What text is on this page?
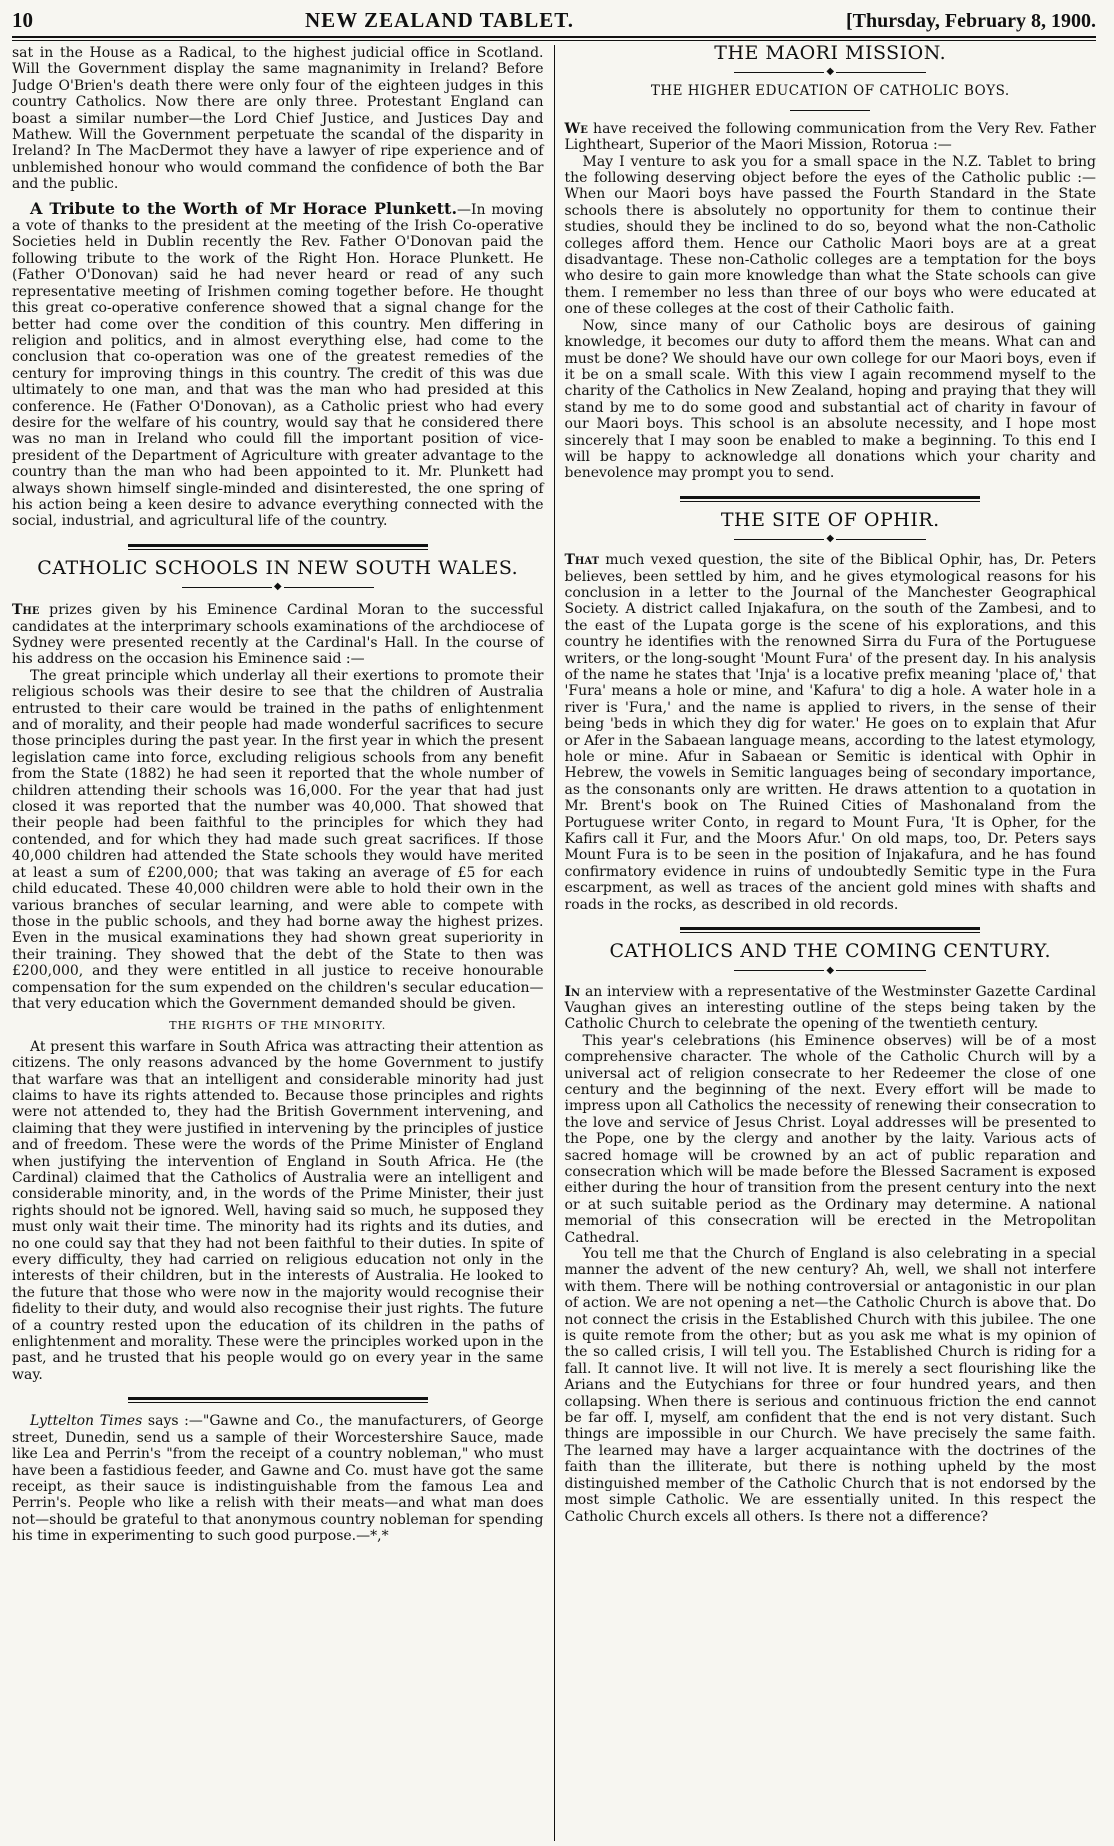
10	NEW ZEALAND TABLET.	[Thursday, February 8, 1900.

sat in the House as a Radical, to the highest judicial office in Scotland. Will the Government display the same magnanimity in Ireland? Before Judge O'Brien's death there were only four of the eighteen judges in this country Catholics. Now there are only three. Protestant England can boast a similar number—the Lord Chief Justice, and Justices Day and Mathew. Will the Government perpetuate the scandal of the disparity in Ireland? In The MacDermot they have a lawyer of ripe experience and of unblemished honour who would command the confidence of both the Bar and the public.

A Tribute to the Worth of Mr Horace Plunkett.—In moving a vote of thanks to the president at the meeting of the Irish Co-operative Societies held in Dublin recently the Rev. Father O'Donovan paid the following tribute to the work of the Right Hon. Horace Plunkett. He (Father O'Donovan) said he had never heard or read of any such representative meeting of Irishmen coming together before. He thought this great co-operative conference showed that a signal change for the better had come over the condition of this country. Men differing in religion and politics, and in almost everything else, had come to the conclusion that co-operation was one of the greatest remedies of the century for improving things in this country. The credit of this was due ultimately to one man, and that was the man who had presided at this conference. He (Father O'Donovan), as a Catholic priest who had every desire for the welfare of his country, would say that he considered there was no man in Ireland who could fill the important position of vice-president of the Department of Agriculture with greater advantage to the country than the man who had been appointed to it. Mr. Plunkett had always shown himself single-minded and disinterested, the one spring of his action being a keen desire to advance everything connected with the social, industrial, and agricultural life of the country.

CATHOLIC SCHOOLS IN NEW SOUTH WALES.
◆

The prizes given by his Eminence Cardinal Moran to the successful candidates at the interprimary schools examinations of the archdiocese of Sydney were presented recently at the Cardinal's Hall. In the course of his address on the occasion his Eminence said :—

The great principle which underlay all their exertions to promote their religious schools was their desire to see that the children of Australia entrusted to their care would be trained in the paths of enlightenment and of morality, and their people had made wonderful sacrifices to secure those principles during the past year. In the first year in which the present legislation came into force, excluding religious schools from any benefit from the State (1882) he had seen it reported that the whole number of children attending their schools was 16,000. For the year that had just closed it was reported that the number was 40,000. That showed that their people had been faithful to the principles for which they had contended, and for which they had made such great sacrifices. If those 40,000 children had attended the State schools they would have merited at least a sum of £200,000; that was taking an average of £5 for each child educated. These 40,000 children were able to hold their own in the various branches of secular learning, and were able to compete with those in the public schools, and they had borne away the highest prizes. Even in the musical examinations they had shown great superiority in their training. They showed that the debt of the State to then was £200,000, and they were entitled in all justice to receive honourable compensation for the sum expended on the children's secular education—that very education which the Government demanded should be given.

THE RIGHTS OF THE MINORITY.

At present this warfare in South Africa was attracting their attention as citizens. The only reasons advanced by the home Government to justify that warfare was that an intelligent and considerable minority had just claims to have its rights attended to. Because those principles and rights were not attended to, they had the British Government intervening, and claiming that they were justified in intervening by the principles of justice and of freedom. These were the words of the Prime Minister of England when justifying the intervention of England in South Africa. He (the Cardinal) claimed that the Catholics of Australia were an intelligent and considerable minority, and, in the words of the Prime Minister, their just rights should not be ignored. Well, having said so much, he supposed they must only wait their time. The minority had its rights and its duties, and no one could say that they had not been faithful to their duties. In spite of every difficulty, they had carried on religious education not only in the interests of their children, but in the interests of Australia. He looked to the future that those who were now in the majority would recognise their fidelity to their duty, and would also recognise their just rights. The future of a country rested upon the education of its children in the paths of enlightenment and morality. These were the principles worked upon in the past, and he trusted that his people would go on every year in the same way.

Lyttelton Times says :—"Gawne and Co., the manufacturers, of George street, Dunedin, send us a sample of their Worcestershire Sauce, made like Lea and Perrin's "from the receipt of a country nobleman," who must have been a fastidious feeder, and Gawne and Co. must have got the same receipt, as their sauce is indistinguishable from the famous Lea and Perrin's. People who like a relish with their meats—and what man does not—should be grateful to that anonymous country nobleman for spending his time in experimenting to such good purpose.—*,*

THE MAORI MISSION.
◆
THE HIGHER EDUCATION OF CATHOLIC BOYS.

We have received the following communication from the Very Rev. Father Lightheart, Superior of the Maori Mission, Rotorua :—

May I venture to ask you for a small space in the N.Z. Tablet to bring the following deserving object before the eyes of the Catholic public :—When our Maori boys have passed the Fourth Standard in the State schools there is absolutely no opportunity for them to continue their studies, should they be inclined to do so, beyond what the non-Catholic colleges afford them. Hence our Catholic Maori boys are at a great disadvantage. These non-Catholic colleges are a temptation for the boys who desire to gain more knowledge than what the State schools can give them. I remember no less than three of our boys who were educated at one of these colleges at the cost of their Catholic faith.

Now, since many of our Catholic boys are desirous of gaining knowledge, it becomes our duty to afford them the means. What can and must be done? We should have our own college for our Maori boys, even if it be on a small scale. With this view I again recommend myself to the charity of the Catholics in New Zealand, hoping and praying that they will stand by me to do some good and substantial act of charity in favour of our Maori boys. This school is an absolute necessity, and I hope most sincerely that I may soon be enabled to make a beginning. To this end I will be happy to acknowledge all donations which your charity and benevolence may prompt you to send.

THE SITE OF OPHIR.
◆

That much vexed question, the site of the Biblical Ophir, has, Dr. Peters believes, been settled by him, and he gives etymological reasons for his conclusion in a letter to the Journal of the Manchester Geographical Society. A district called Injakafura, on the south of the Zambesi, and to the east of the Lupata gorge is the scene of his explorations, and this country he identifies with the renowned Sirra du Fura of the Portuguese writers, or the long-sought 'Mount Fura' of the present day. In his analysis of the name he states that 'Inja' is a locative prefix meaning 'place of,' that 'Fura' means a hole or mine, and 'Kafura' to dig a hole. A water hole in a river is 'Fura,' and the name is applied to rivers, in the sense of their being 'beds in which they dig for water.' He goes on to explain that Afur or Afer in the Sabaean language means, according to the latest etymology, hole or mine. Afur in Sabaean or Semitic is identical with Ophir in Hebrew, the vowels in Semitic languages being of secondary importance, as the consonants only are written. He draws attention to a quotation in Mr. Brent's book on The Ruined Cities of Mashonaland from the Portuguese writer Conto, in regard to Mount Fura, 'It is Opher, for the Kafirs call it Fur, and the Moors Afur.' On old maps, too, Dr. Peters says Mount Fura is to be seen in the position of Injakafura, and he has found confirmatory evidence in ruins of undoubtedly Semitic type in the Fura escarpment, as well as traces of the ancient gold mines with shafts and roads in the rocks, as described in old records.

CATHOLICS AND THE COMING CENTURY.
◆

In an interview with a representative of the Westminster Gazette Cardinal Vaughan gives an interesting outline of the steps being taken by the Catholic Church to celebrate the opening of the twentieth century.

This year's celebrations (his Eminence observes) will be of a most comprehensive character. The whole of the Catholic Church will by a universal act of religion consecrate to her Redeemer the close of one century and the beginning of the next. Every effort will be made to impress upon all Catholics the necessity of renewing their consecration to the love and service of Jesus Christ. Loyal addresses will be presented to the Pope, one by the clergy and another by the laity. Various acts of sacred homage will be crowned by an act of public reparation and consecration which will be made before the Blessed Sacrament is exposed either during the hour of transition from the present century into the next or at such suitable period as the Ordinary may determine. A national memorial of this consecration will be erected in the Metropolitan Cathedral.

You tell me that the Church of England is also celebrating in a special manner the advent of the new century? Ah, well, we shall not interfere with them. There will be nothing controversial or antagonistic in our plan of action. We are not opening a net—the Catholic Church is above that. Do not connect the crisis in the Established Church with this jubilee. The one is quite remote from the other; but as you ask me what is my opinion of the so called crisis, I will tell you. The Established Church is riding for a fall. It cannot live. It will not live. It is merely a sect flourishing like the Arians and the Eutychians for three or four hundred years, and then collapsing. When there is serious and continuous friction the end cannot be far off. I, myself, am confident that the end is not very distant. Such things are impossible in our Church. We have precisely the same faith. The learned may have a larger acquaintance with the doctrines of the faith than the illiterate, but there is nothing upheld by the most distinguished member of the Catholic Church that is not endorsed by the most simple Catholic. We are essentially united. In this respect the Catholic Church excels all others. Is there not a difference?
